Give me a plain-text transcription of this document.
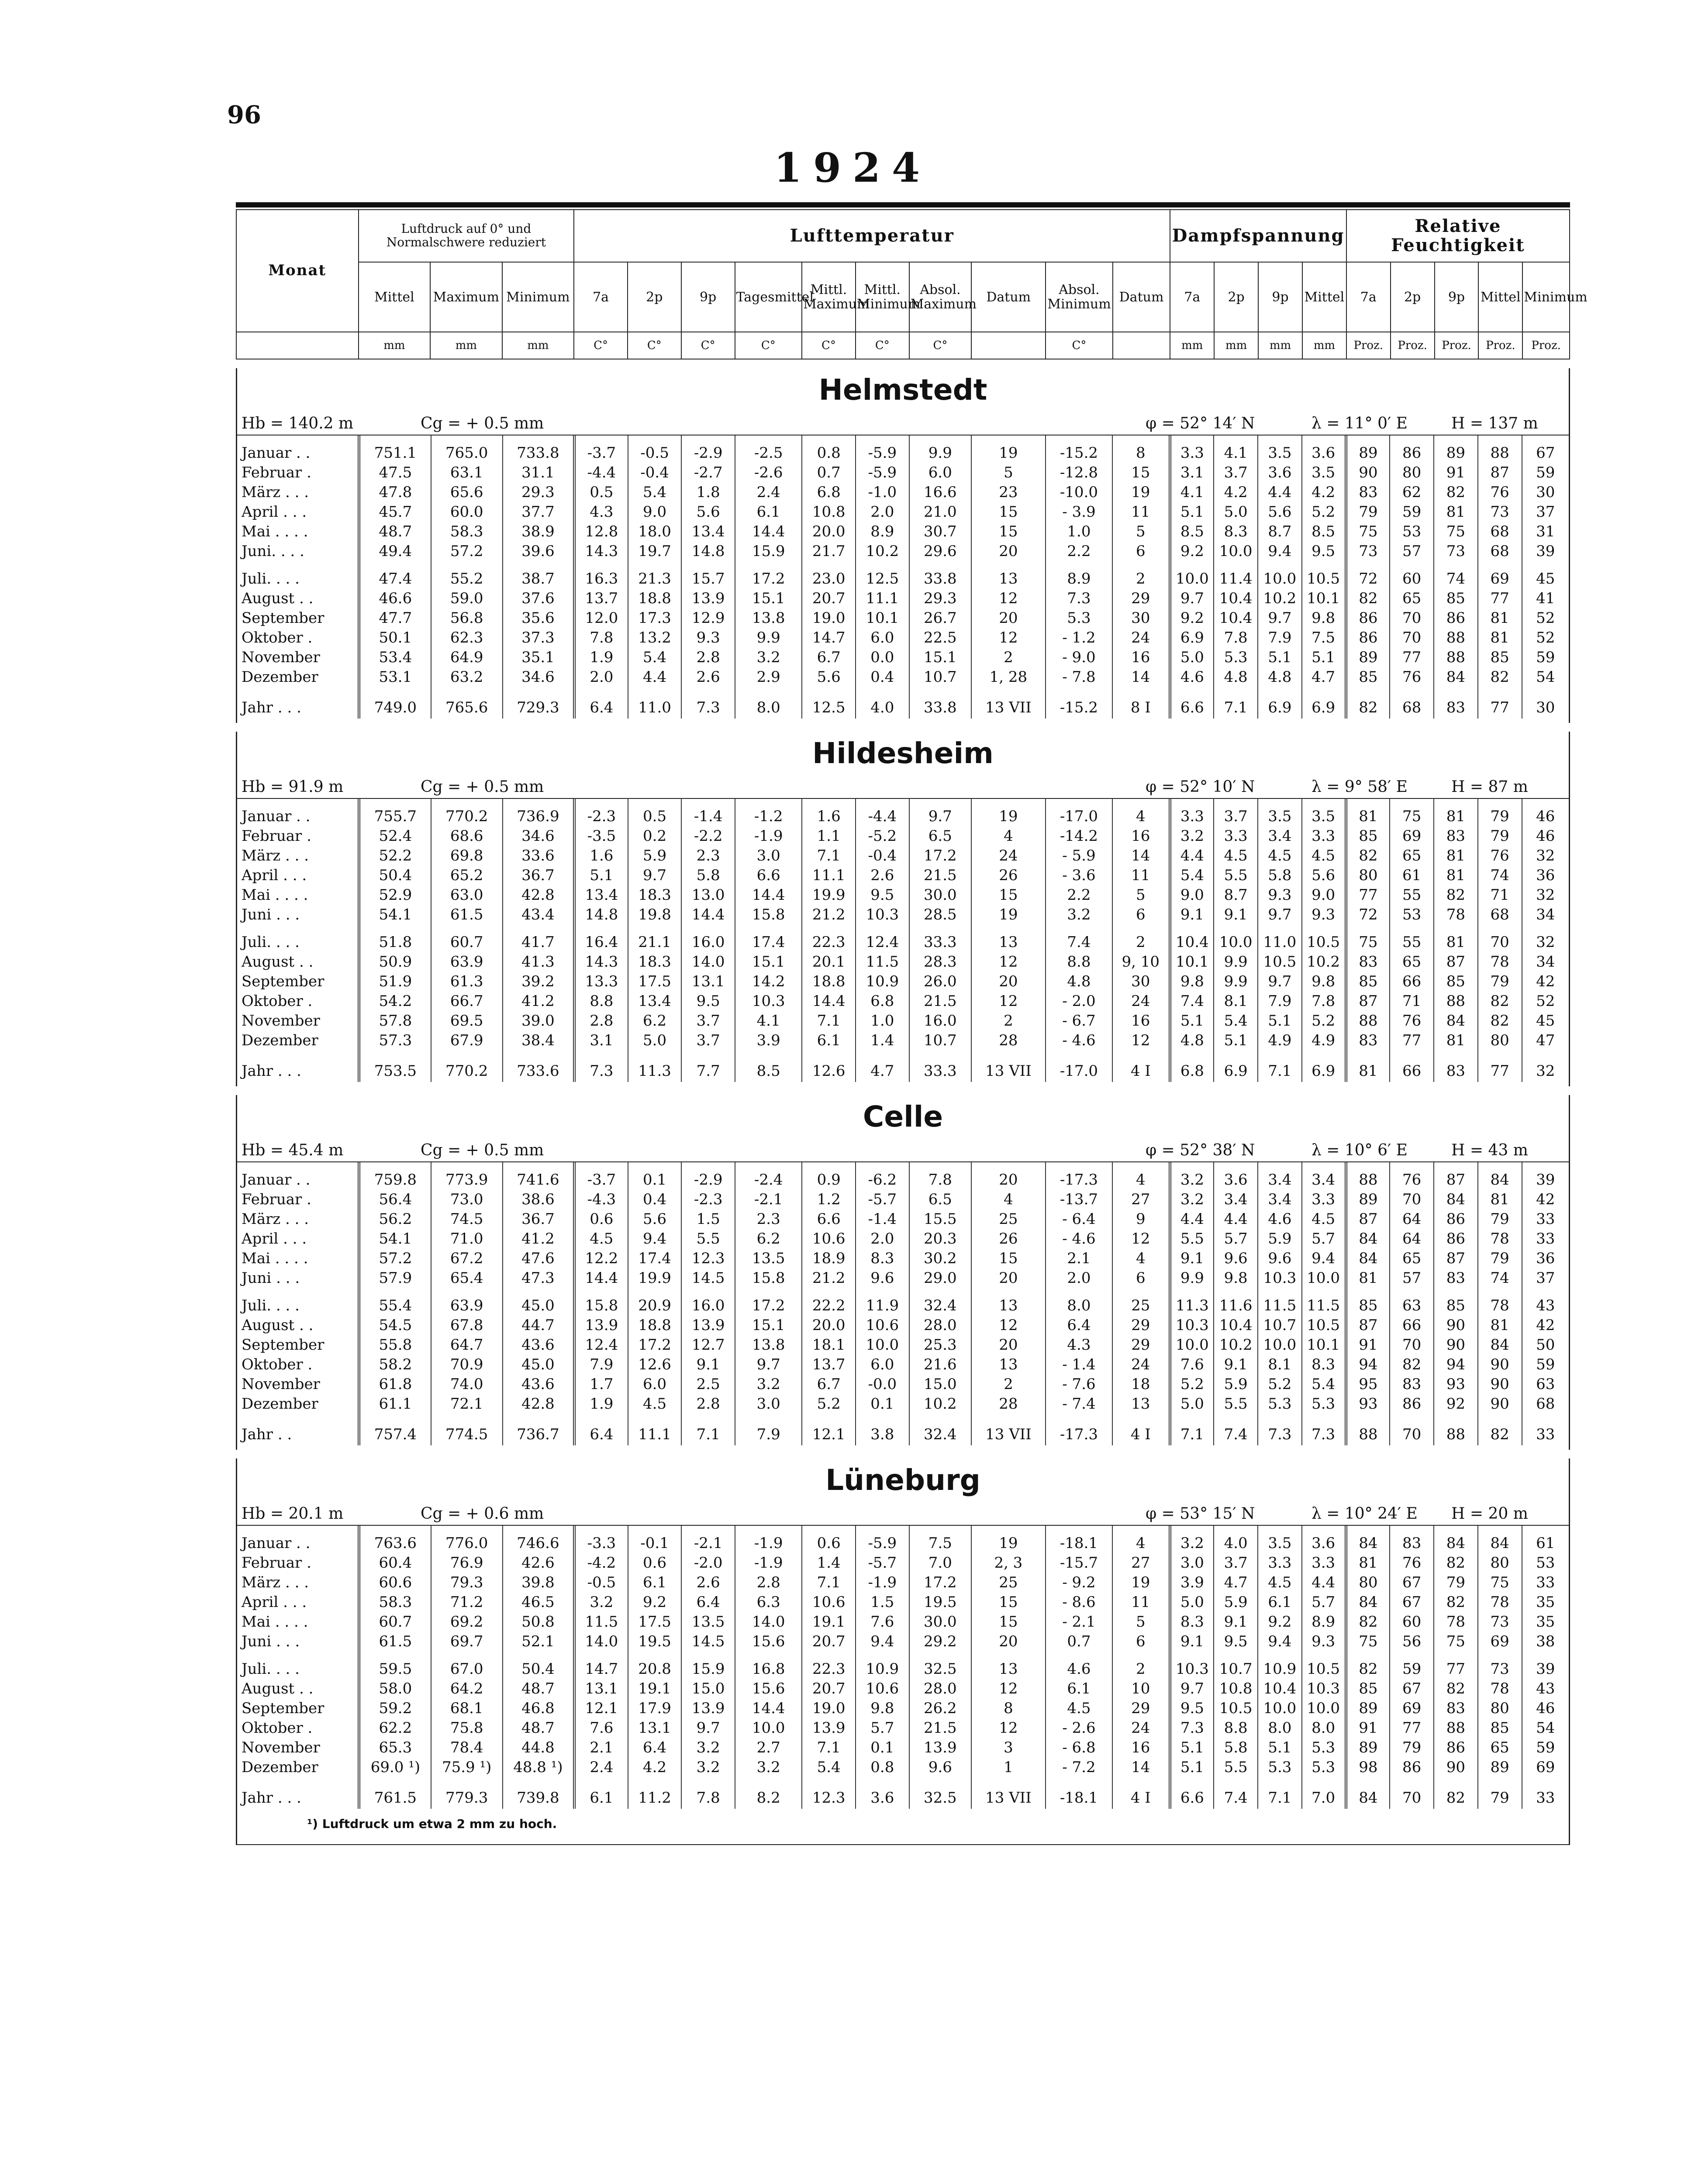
96
1924
Monat	Luftdruck auf 0° und Normalschwere reduziert			Lufttemperatur										Dampfspannung				Relative Feuchtigkeit				
	Mittel	Maximum	Minimum	7a	2p	9p	Tagesmittel	Mittl. Maximum	Mittl. Minimum	Absol. Maximum	Datum	Absol. Minimum	Datum	7a	2p	9p	Mittel	7a	2p	9p	Mittel	Minimum
	mm	mm	mm	C°	C°	C°	C°	C°	C°	C°		C°		mm	mm	mm	mm	Proz.	Proz.	Proz.	Proz.	Proz.
Helmstedt
Hb = 140.2 m	Cg = + 0.5 mm	φ = 52° 14′ N	λ = 11° 0′ E	H = 137 m
Januar . .	751.1	765.0	733.8	-3.7	-0.5	-2.9	-2.5	0.8	-5.9	9.9	19	-15.2	8	3.3	4.1	3.5	3.6	89	86	89	88	67
Februar .	47.5	63.1	31.1	-4.4	-0.4	-2.7	-2.6	0.7	-5.9	6.0	5	-12.8	15	3.1	3.7	3.6	3.5	90	80	91	87	59
März . . .	47.8	65.6	29.3	0.5	5.4	1.8	2.4	6.8	-1.0	16.6	23	-10.0	19	4.1	4.2	4.4	4.2	83	62	82	76	30
April . . .	45.7	60.0	37.7	4.3	9.0	5.6	6.1	10.8	2.0	21.0	15	- 3.9	11	5.1	5.0	5.6	5.2	79	59	81	73	37
Mai . . . .	48.7	58.3	38.9	12.8	18.0	13.4	14.4	20.0	8.9	30.7	15	1.0	5	8.5	8.3	8.7	8.5	75	53	75	68	31
Juni. . . .	49.4	57.2	39.6	14.3	19.7	14.8	15.9	21.7	10.2	29.6	20	2.2	6	9.2	10.0	9.4	9.5	73	57	73	68	39
Juli. . . .	47.4	55.2	38.7	16.3	21.3	15.7	17.2	23.0	12.5	33.8	13	8.9	2	10.0	11.4	10.0	10.5	72	60	74	69	45
August . .	46.6	59.0	37.6	13.7	18.8	13.9	15.1	20.7	11.1	29.3	12	7.3	29	9.7	10.4	10.2	10.1	82	65	85	77	41
September	47.7	56.8	35.6	12.0	17.3	12.9	13.8	19.0	10.1	26.7	20	5.3	30	9.2	10.4	9.7	9.8	86	70	86	81	52
Oktober .	50.1	62.3	37.3	7.8	13.2	9.3	9.9	14.7	6.0	22.5	12	- 1.2	24	6.9	7.8	7.9	7.5	86	70	88	81	52
November	53.4	64.9	35.1	1.9	5.4	2.8	3.2	6.7	0.0	15.1	2	- 9.0	16	5.0	5.3	5.1	5.1	89	77	88	85	59
Dezember	53.1	63.2	34.6	2.0	4.4	2.6	2.9	5.6	0.4	10.7	1, 28	- 7.8	14	4.6	4.8	4.8	4.7	85	76	84	82	54
Jahr . . .	749.0	765.6	729.3	6.4	11.0	7.3	8.0	12.5	4.0	33.8	13 VII	-15.2	8 I	6.6	7.1	6.9	6.9	82	68	83	77	30
Hildesheim
Hb = 91.9 m	Cg = + 0.5 mm	φ = 52° 10′ N	λ = 9° 58′ E	H = 87 m
Januar . .	755.7	770.2	736.9	-2.3	0.5	-1.4	-1.2	1.6	-4.4	9.7	19	-17.0	4	3.3	3.7	3.5	3.5	81	75	81	79	46
Februar .	52.4	68.6	34.6	-3.5	0.2	-2.2	-1.9	1.1	-5.2	6.5	4	-14.2	16	3.2	3.3	3.4	3.3	85	69	83	79	46
März . . .	52.2	69.8	33.6	1.6	5.9	2.3	3.0	7.1	-0.4	17.2	24	- 5.9	14	4.4	4.5	4.5	4.5	82	65	81	76	32
April . . .	50.4	65.2	36.7	5.1	9.7	5.8	6.6	11.1	2.6	21.5	26	- 3.6	11	5.4	5.5	5.8	5.6	80	61	81	74	36
Mai . . . .	52.9	63.0	42.8	13.4	18.3	13.0	14.4	19.9	9.5	30.0	15	2.2	5	9.0	8.7	9.3	9.0	77	55	82	71	32
Juni . . .	54.1	61.5	43.4	14.8	19.8	14.4	15.8	21.2	10.3	28.5	19	3.2	6	9.1	9.1	9.7	9.3	72	53	78	68	34
Juli. . . .	51.8	60.7	41.7	16.4	21.1	16.0	17.4	22.3	12.4	33.3	13	7.4	2	10.4	10.0	11.0	10.5	75	55	81	70	32
August . .	50.9	63.9	41.3	14.3	18.3	14.0	15.1	20.1	11.5	28.3	12	8.8	9, 10	10.1	9.9	10.5	10.2	83	65	87	78	34
September	51.9	61.3	39.2	13.3	17.5	13.1	14.2	18.8	10.9	26.0	20	4.8	30	9.8	9.9	9.7	9.8	85	66	85	79	42
Oktober .	54.2	66.7	41.2	8.8	13.4	9.5	10.3	14.4	6.8	21.5	12	- 2.0	24	7.4	8.1	7.9	7.8	87	71	88	82	52
November	57.8	69.5	39.0	2.8	6.2	3.7	4.1	7.1	1.0	16.0	2	- 6.7	16	5.1	5.4	5.1	5.2	88	76	84	82	45
Dezember	57.3	67.9	38.4	3.1	5.0	3.7	3.9	6.1	1.4	10.7	28	- 4.6	12	4.8	5.1	4.9	4.9	83	77	81	80	47
Jahr . . .	753.5	770.2	733.6	7.3	11.3	7.7	8.5	12.6	4.7	33.3	13 VII	-17.0	4 I	6.8	6.9	7.1	6.9	81	66	83	77	32
Celle
Hb = 45.4 m	Cg = + 0.5 mm	φ = 52° 38′ N	λ = 10° 6′ E	H = 43 m
Januar . .	759.8	773.9	741.6	-3.7	0.1	-2.9	-2.4	0.9	-6.2	7.8	20	-17.3	4	3.2	3.6	3.4	3.4	88	76	87	84	39
Februar .	56.4	73.0	38.6	-4.3	0.4	-2.3	-2.1	1.2	-5.7	6.5	4	-13.7	27	3.2	3.4	3.4	3.3	89	70	84	81	42
März . . .	56.2	74.5	36.7	0.6	5.6	1.5	2.3	6.6	-1.4	15.5	25	- 6.4	9	4.4	4.4	4.6	4.5	87	64	86	79	33
April . . .	54.1	71.0	41.2	4.5	9.4	5.5	6.2	10.6	2.0	20.3	26	- 4.6	12	5.5	5.7	5.9	5.7	84	64	86	78	33
Mai . . . .	57.2	67.2	47.6	12.2	17.4	12.3	13.5	18.9	8.3	30.2	15	2.1	4	9.1	9.6	9.6	9.4	84	65	87	79	36
Juni . . .	57.9	65.4	47.3	14.4	19.9	14.5	15.8	21.2	9.6	29.0	20	2.0	6	9.9	9.8	10.3	10.0	81	57	83	74	37
Juli. . . .	55.4	63.9	45.0	15.8	20.9	16.0	17.2	22.2	11.9	32.4	13	8.0	25	11.3	11.6	11.5	11.5	85	63	85	78	43
August . .	54.5	67.8	44.7	13.9	18.8	13.9	15.1	20.0	10.6	28.0	12	6.4	29	10.3	10.4	10.7	10.5	87	66	90	81	42
September	55.8	64.7	43.6	12.4	17.2	12.7	13.8	18.1	10.0	25.3	20	4.3	29	10.0	10.2	10.0	10.1	91	70	90	84	50
Oktober .	58.2	70.9	45.0	7.9	12.6	9.1	9.7	13.7	6.0	21.6	13	- 1.4	24	7.6	9.1	8.1	8.3	94	82	94	90	59
November	61.8	74.0	43.6	1.7	6.0	2.5	3.2	6.7	-0.0	15.0	2	- 7.6	18	5.2	5.9	5.2	5.4	95	83	93	90	63
Dezember	61.1	72.1	42.8	1.9	4.5	2.8	3.0	5.2	0.1	10.2	28	- 7.4	13	5.0	5.5	5.3	5.3	93	86	92	90	68
Jahr . .	757.4	774.5	736.7	6.4	11.1	7.1	7.9	12.1	3.8	32.4	13 VII	-17.3	4 I	7.1	7.4	7.3	7.3	88	70	88	82	33
Lüneburg
Hb = 20.1 m	Cg = + 0.6 mm	φ = 53° 15′ N	λ = 10° 24′ E H = 20 m
Januar . .	763.6	776.0	746.6	-3.3	-0.1	-2.1	-1.9	0.6	-5.9	7.5	19	-18.1	4	3.2	4.0	3.5	3.6	84	83	84	84	61
Februar .	60.4	76.9	42.6	-4.2	0.6	-2.0	-1.9	1.4	-5.7	7.0	2, 3	-15.7	27	3.0	3.7	3.3	3.3	81	76	82	80	53
März . . .	60.6	79.3	39.8	-0.5	6.1	2.6	2.8	7.1	-1.9	17.2	25	- 9.2	19	3.9	4.7	4.5	4.4	80	67	79	75	33
April . . .	58.3	71.2	46.5	3.2	9.2	6.4	6.3	10.6	1.5	19.5	15	- 8.6	11	5.0	5.9	6.1	5.7	84	67	82	78	35
Mai . . . .	60.7	69.2	50.8	11.5	17.5	13.5	14.0	19.1	7.6	30.0	15	- 2.1	5	8.3	9.1	9.2	8.9	82	60	78	73	35
Juni . . .	61.5	69.7	52.1	14.0	19.5	14.5	15.6	20.7	9.4	29.2	20	0.7	6	9.1	9.5	9.4	9.3	75	56	75	69	38
Juli. . . .	59.5	67.0	50.4	14.7	20.8	15.9	16.8	22.3	10.9	32.5	13	4.6	2	10.3	10.7	10.9	10.5	82	59	77	73	39
August . .	58.0	64.2	48.7	13.1	19.1	15.0	15.6	20.7	10.6	28.0	12	6.1	10	9.7	10.8	10.4	10.3	85	67	82	78	43
September	59.2	68.1	46.8	12.1	17.9	13.9	14.4	19.0	9.8	26.2	8	4.5	29	9.5	10.5	10.0	10.0	89	69	83	80	46
Oktober .	62.2	75.8	48.7	7.6	13.1	9.7	10.0	13.9	5.7	21.5	12	- 2.6	24	7.3	8.8	8.0	8.0	91	77	88	85	54
November	65.3	78.4	44.8	2.1	6.4	3.2	2.7	7.1	0.1	13.9	3	- 6.8	16	5.1	5.8	5.1	5.3	89	79	86	65	59
Dezember	69.0 ¹)	75.9 ¹)	48.8 ¹)	2.4	4.2	3.2	3.2	5.4	0.8	9.6	1	- 7.2	14	5.1	5.5	5.3	5.3	98	86	90	89	69
Jahr . . .	761.5	779.3	739.8	6.1	11.2	7.8	8.2	12.3	3.6	32.5	13 VII	-18.1	4 I	6.6	7.4	7.1	7.0	84	70	82	79	33
¹) Luftdruck um etwa 2 mm zu hoch.
